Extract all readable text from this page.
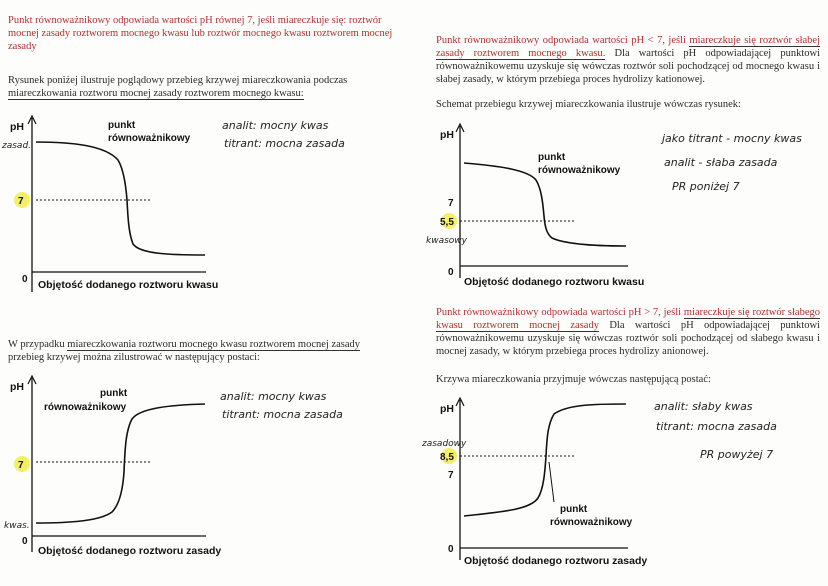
Punkt równoważnikowy odpowiada wartości pH równej 7, jeśli miareczkuje się: roztwór mocnej zasady roztworem mocnego kwasu lub roztwór mocnego kwasu roztworem mocnej zasady
Rysunek poniżej ilustruje poglądowy przebieg krzywej miareczkowania podczas
miareczkowania roztworu mocnej zasady roztworem mocnego kwasu:
7
pH
zasad.
0 Objętość dodanego roztworu kwasu
punkt
równoważnikowy
analit: mocny kwas
titrant: mocna zasada
W przypadku miareczkowania roztworu mocnego kwasu roztworem mocnej zasady
przebieg krzywej można zilustrować w następujący postaci:
7
pH
kwas.
0
Objętość dodanego roztworu zasady
punkt
równoważnikowy
analit: mocny kwas
titrant: mocna zasada
Punkt równoważnikowy odpowiada wartości pH < 7, jeśli miareczkuje się roztwór słabej zasady roztworem mocnego kwasu. Dla wartości pH odpowiadającej punktowi równoważnikowemu uzyskuje się wówczas roztwór soli pochodzącej od mocnego kwasu i słabej zasady, w którym przebiega proces hydrolizy kationowej.
Schemat przebiegu krzywej miareczkowania ilustruje wówczas rysunek:
5,5
7
pH
kwasowy
0
Objętość dodanego roztworu kwasu
punkt
równoważnikowy
jako titrant - mocny kwas
analit - słaba zasada
PR poniżej 7
Punkt równoważnikowy odpowiada wartości pH > 7, jeśli miareczkuje się roztwór słabego kwasu roztworem mocnej zasady Dla wartości pH odpowiadającej punktowi równoważnikowemu uzyskuje się wówczas roztwór soli pochodzącej od słabego kwasu i mocnej zasady, w którym przebiega proces hydrolizy anionowej.
Krzywa miareczkowania przyjmuje wówczas następującą postać:
8,5
7
pH
zasadowy
0
Objętość dodanego roztworu zasady
punkt
równoważnikowy
analit: słaby kwas
titrant: mocna zasada
PR powyżej 7
